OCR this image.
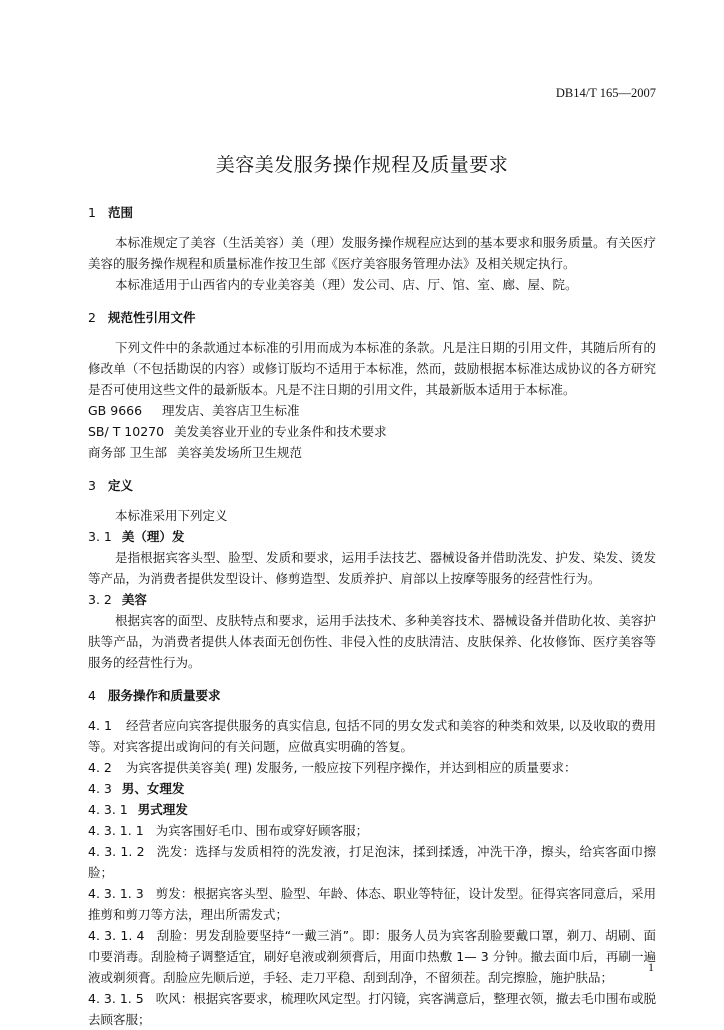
DB14/T 165—2007
美容美发服务操作规程及质量要求

1 范围

本标准规定了美容（生活美容）美（理）发服务操作规程应达到的基本要求和服务质量。有关医疗美容的服务操作规程和质量标准作按卫生部《医疗美容服务管理办法》及相关规定执行。

本标准适用于山西省内的专业美容美（理）发公司、店、厅、馆、室、廊、屋、院。

2 规范性引用文件

下列文件中的条款通过本标准的引用而成为本标准的条款。凡是注日期的引用文件，其随后所有的修改单（不包括勘误的内容）或修订版均不适用于本标准，然而，鼓励根据本标准达成协议的各方研究是否可使用这些文件的最新版本。凡是不注日期的引用文件，其最新版本适用于本标准。

GB 9666 理发店、美容店卫生标准

SB/ T 10270 美发美容业开业的专业条件和技术要求

商务部 卫生部 美容美发场所卫生规范

3 定义

本标准采用下列定义

3. 1 美（理）发

是指根据宾客头型、脸型、发质和要求，运用手法技艺、器械设备并借助洗发、护发、染发、烫发等产品，为消费者提供发型设计、修剪造型、发质养护、肩部以上按摩等服务的经营性行为。

3. 2 美容

根据宾客的面型、皮肤特点和要求，运用手法技术、多种美容技术、器械设备并借助化妆、美容护肤等产品，为消费者提供人体表面无创伤性、非侵入性的皮肤清洁、皮肤保养、化妆修饰、医疗美容等服务的经营性行为。

4 服务操作和质量要求

4. 1 经营者应向宾客提供服务的真实信息, 包括不同的男女发式和美容的种类和效果, 以及收取的费用等。对宾客提出或询问的有关问题，应做真实明确的答复。

4. 2 为宾客提供美容美( 理) 发服务, 一般应按下列程序操作，并达到相应的质量要求：

4. 3 男、女理发

4. 3. 1 男式理发

4. 3. 1. 1 为宾客围好毛巾、围布或穿好顾客服；

4. 3. 1. 2 洗发：选择与发质相符的洗发液，打足泡沫，揉到揉透，冲洗干净，擦头，给宾客面巾擦脸；

4. 3. 1. 3 剪发：根据宾客头型、脸型、年龄、体态、职业等特征，设计发型。征得宾客同意后，采用推剪和剪刀等方法，理出所需发式；

4. 3. 1. 4 刮脸：男发刮脸要坚持“一戴三消”。即：服务人员为宾客刮脸要戴口罩，剃刀、胡刷、面巾要消毒。刮脸椅子调整适宜，刷好皂液或剃须膏后，用面巾热敷 1— 3 分钟。撤去面巾后，再刷一遍液或剃须膏。刮脸应先顺后逆，手轻、走刀平稳、刮到刮净，不留须茬。刮完擦脸，施护肤品；

4. 3. 1. 5 吹风：根据宾客要求，梳理吹风定型。打闪镜，宾客满意后，整理衣领，撤去毛巾围布或脱去顾客服；

1
